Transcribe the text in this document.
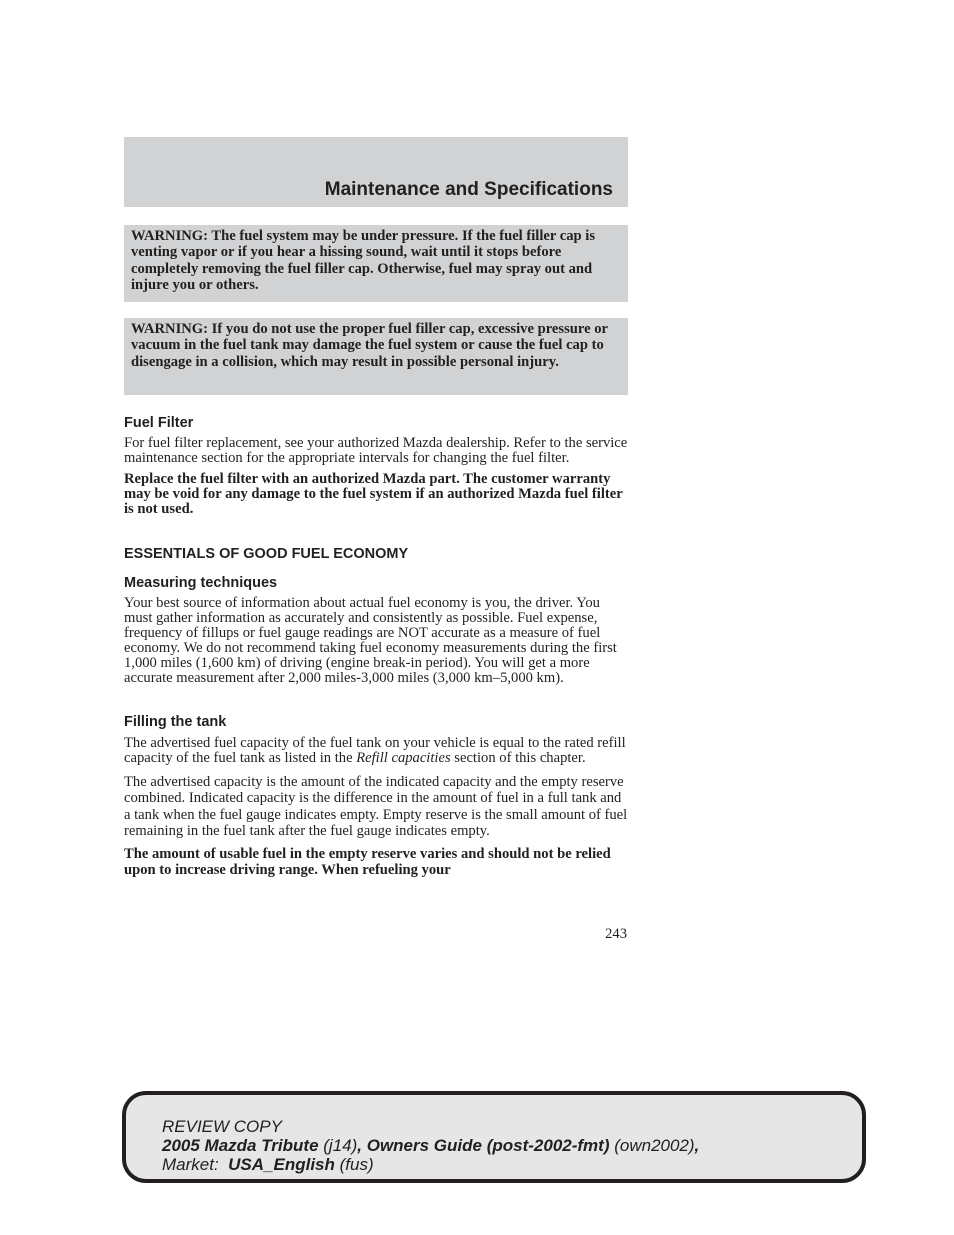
Maintenance and Specifications

WARNING: The fuel system may be under pressure. If the fuel filler cap is venting vapor or if you hear a hissing sound, wait until it stops before completely removing the fuel filler cap. Otherwise, fuel may spray out and injure you or others.

WARNING: If you do not use the proper fuel filler cap, excessive pressure or vacuum in the fuel tank may damage the fuel system or cause the fuel cap to disengage in a collision, which may result in possible personal injury.

Fuel Filter

For fuel filter replacement, see your authorized Mazda dealership. Refer to the service maintenance section for the appropriate intervals for changing the fuel filter.

Replace the fuel filter with an authorized Mazda part. The customer warranty may be void for any damage to the fuel system if an authorized Mazda fuel filter is not used.

ESSENTIALS OF GOOD FUEL ECONOMY
Measuring techniques

Your best source of information about actual fuel economy is you, the driver. You must gather information as accurately and consistently as possible. Fuel expense, frequency of fillups or fuel gauge readings are NOT accurate as a measure of fuel economy. We do not recommend taking fuel economy measurements during the first 1,000 miles (1,600 km) of driving (engine break-in period). You will get a more accurate measurement after 2,000 miles-3,000 miles (3,000 km–5,000 km).

Filling the tank

The advertised fuel capacity of the fuel tank on your vehicle is equal to the rated refill capacity of the fuel tank as listed in the Refill capacities section of this chapter.

The advertised capacity is the amount of the indicated capacity and the empty reserve combined. Indicated capacity is the difference in the amount of fuel in a full tank and a tank when the fuel gauge indicates empty. Empty reserve is the small amount of fuel remaining in the fuel tank after the fuel gauge indicates empty.

The amount of usable fuel in the empty reserve varies and should not be relied upon to increase driving range. When refueling your

243
REVIEW COPY
2005 Mazda Tribute (j14), Owners Guide (post-2002-fmt) (own2002),
Market: USA_English (fus)
